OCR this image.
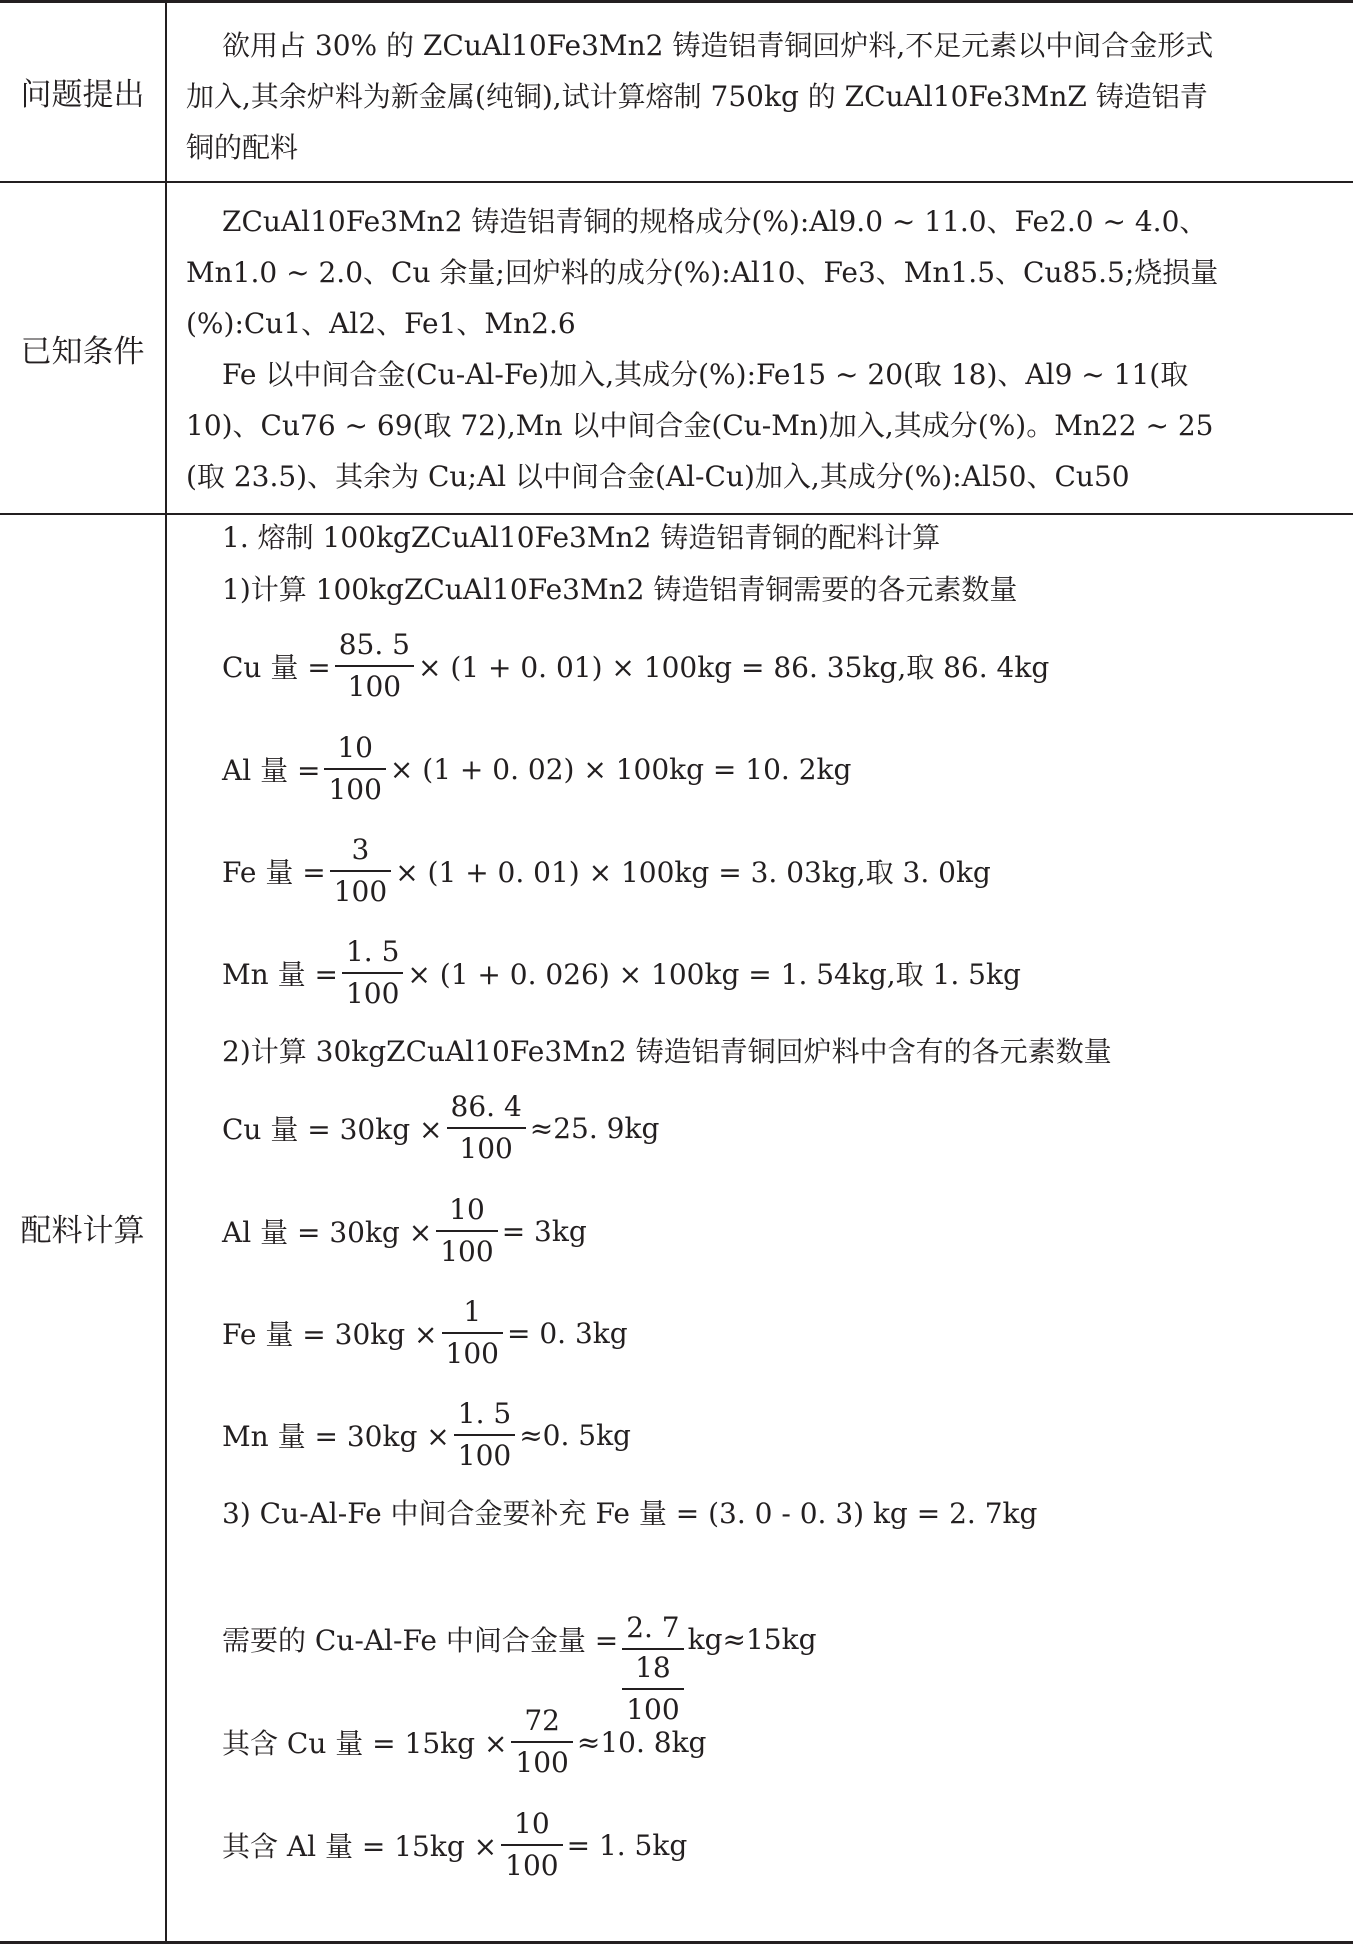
问题提出
欲用占 30% 的 ZCuAl10Fe3Mn2 铸造铝青铜回炉料,不足元素以中间合金形式
加入,其余炉料为新金属(纯铜),试计算熔制 750kg 的 ZCuAl10Fe3MnZ 铸造铝青
铜的配料
已知条件
ZCuAl10Fe3Mn2 铸造铝青铜的规格成分(%):Al9.0 ~ 11.0、Fe2.0 ~ 4.0、
Mn1.0 ~ 2.0、Cu 余量;回炉料的成分(%):Al10、Fe3、Mn1.5、Cu85.5;烧损量
(%):Cu1、Al2、Fe1、Mn2.6
Fe 以中间合金(Cu-Al-Fe)加入,其成分(%):Fe15 ~ 20(取 18)、Al9 ~ 11(取
10)、Cu76 ~ 69(取 72),Mn 以中间合金(Cu-Mn)加入,其成分(%)。Mn22 ~ 25
(取 23.5)、其余为 Cu;Al 以中间合金(Al-Cu)加入,其成分(%):Al50、Cu50
配料计算
1. 熔制 100kgZCuAl10Fe3Mn2 铸造铝青铜的配料计算
1)计算 100kgZCuAl10Fe3Mn2 铸造铝青铜需要的各元素数量
Cu 量 = $\frac{85. 5}{100} \times (1 + 0$. 01) × 100kg = 86. 35kg,取 86. 4kg
Al 量 = $\frac{10}{100} \times (1 + 0$. 02) × 100kg = 10. 2kg
Fe 量 = $\frac{3}{100} \times (1 + 0$. 01) × 100kg = 3. 03kg,取 3. 0kg
Mn 量 = $\frac{1. 5}{100} \times (1 + 0$. 026) × 100kg = 1. 54kg,取 1. 5kg
2)计算 30kgZCuAl10Fe3Mn2 铸造铝青铜回炉料中含有的各元素数量
Cu 量 = $30kg \times \frac{86. 4}{100} \approx 25$. 9kg
Al 量 = $30kg \times \frac{10}{100} = 3kg$
Fe 量 = $30kg \times \frac{1}{100} = 0$. 3kg
Mn 量 = $30kg \times \frac{1. 5}{100} \approx 0$. 5kg
3) Cu-Al-Fe 中间合金要补充 Fe 量 = (3. 0 - 0. 3) kg = 2. 7kg
需要的 Cu-Al-Fe 中间合金量 = $\frac{2. 7}{\frac{18}{100}} kg\approx 15kg$
其含 Cu 量 = $15kg \times \frac{72}{100} \approx 10$. 8kg
其含 Al 量 = $15kg \times \frac{10}{100} = 1$. 5kg
